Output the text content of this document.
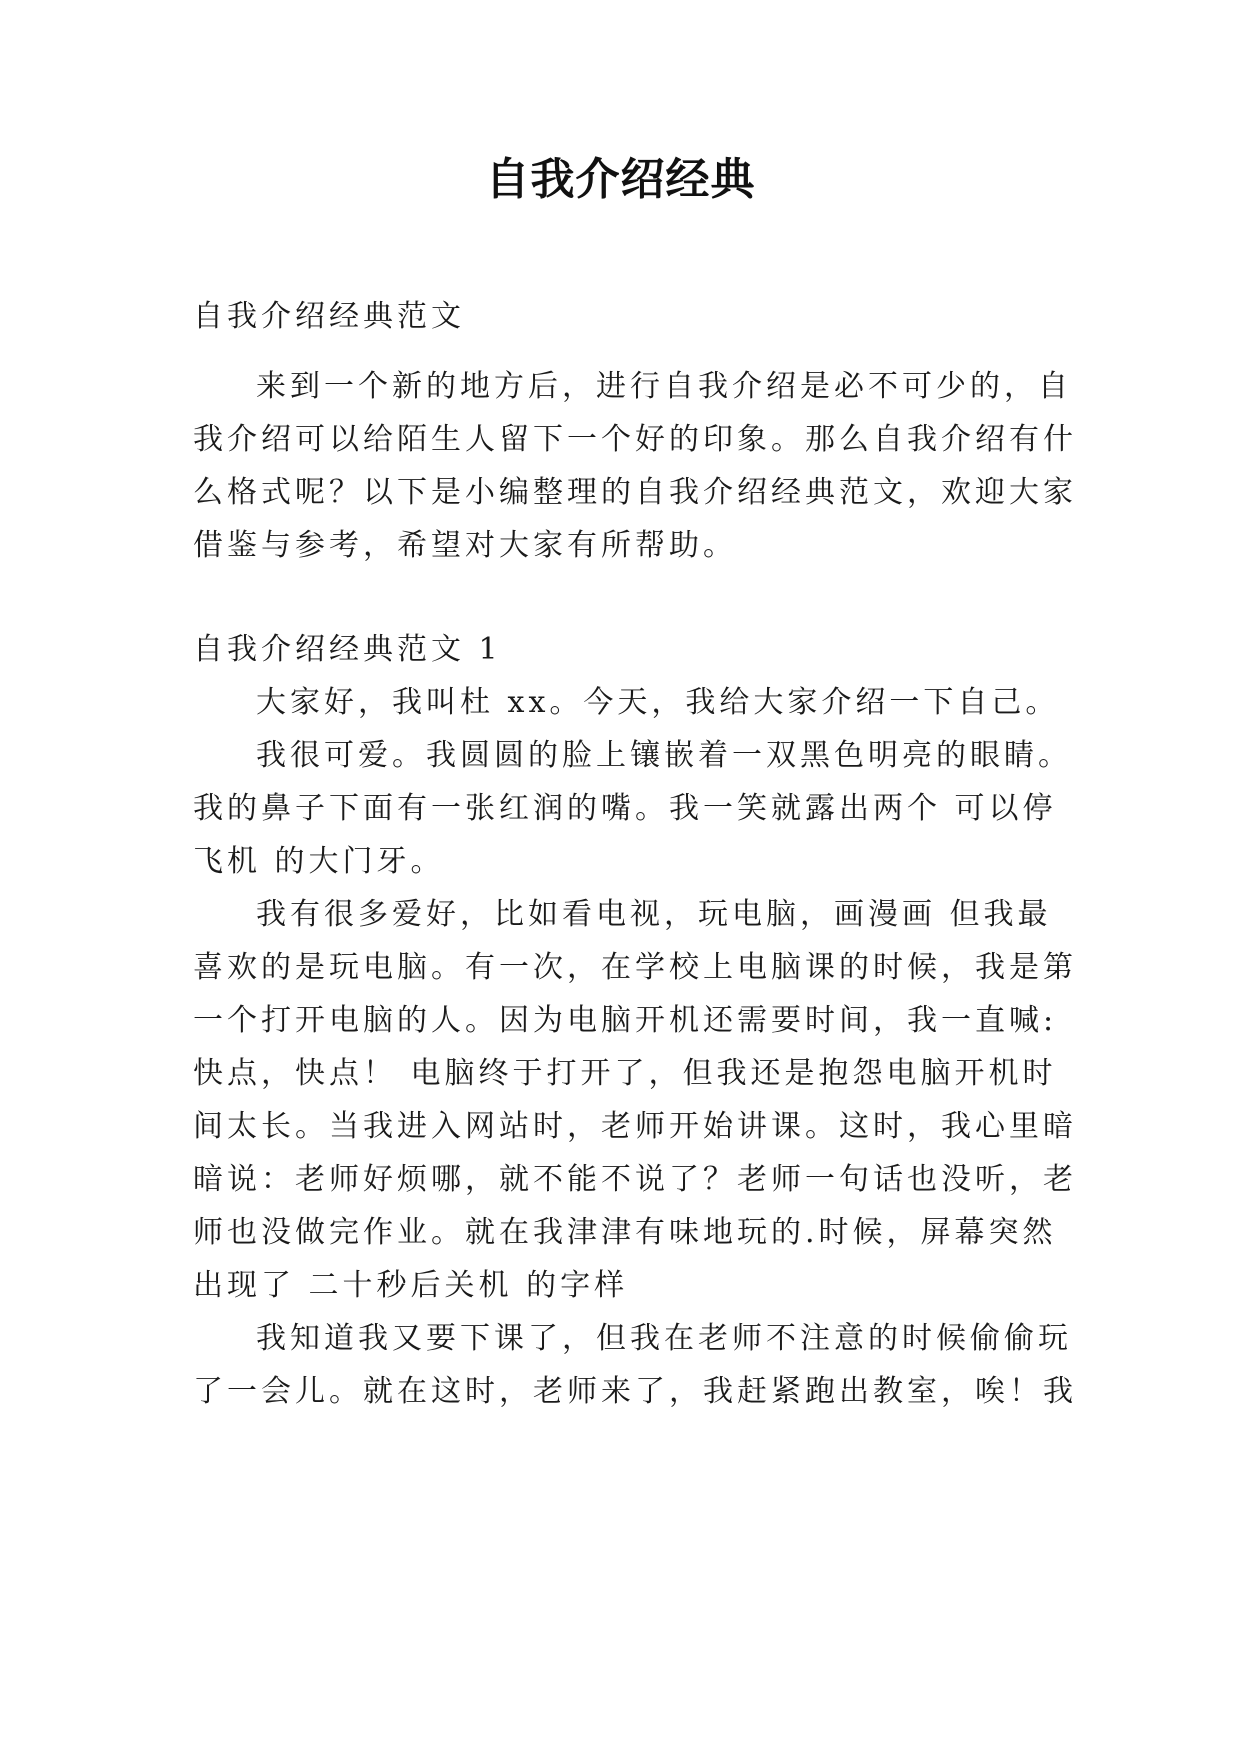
自我介绍经典
自我介绍经典范文
来到一个新的地方后，进行自我介绍是必不可少的，自
我介绍可以给陌生人留下一个好的印象。那么自我介绍有什
么格式呢？以下是小编整理的自我介绍经典范文，欢迎大家
借鉴与参考，希望对大家有所帮助。
自我介绍经典范文 1
大家好，我叫杜 xx。今天，我给大家介绍一下自己。
我很可爱。我圆圆的脸上镶嵌着一双黑色明亮的眼睛。
我的鼻子下面有一张红润的嘴。我一笑就露出两个 可以停
飞机 的大门牙。
我有很多爱好，比如看电视，玩电脑，画漫画 但我最
喜欢的是玩电脑。有一次，在学校上电脑课的时候，我是第
一个打开电脑的人。因为电脑开机还需要时间，我一直喊:
快点，快点！ 电脑终于打开了，但我还是抱怨电脑开机时
间太长。当我进入网站时，老师开始讲课。这时，我心里暗
暗说：老师好烦哪，就不能不说了？老师一句话也没听，老
师也没做完作业。就在我津津有味地玩的.时候，屏幕突然
出现了 二十秒后关机 的字样
我知道我又要下课了，但我在老师不注意的时候偷偷玩
了一会儿。就在这时，老师来了，我赶紧跑出教室，唉！我
